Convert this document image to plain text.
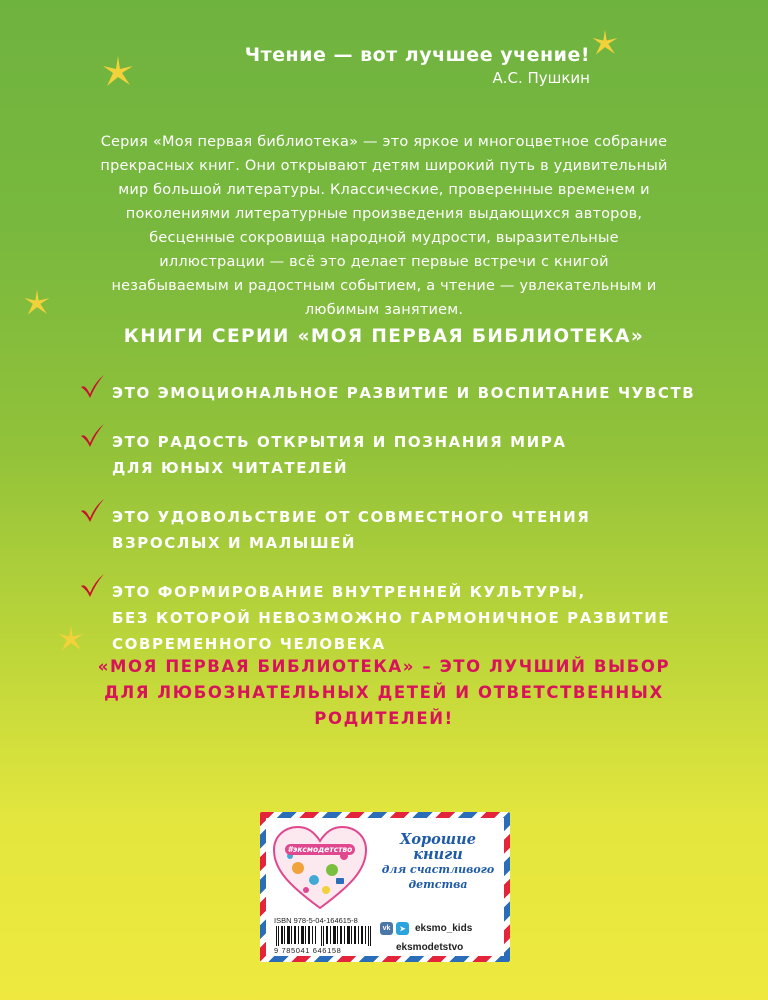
Чтение — вот лучшее учение!
А.С. Пушкин
Серия «Моя первая библиотека» — это яркое и многоцветное собрание прекрасных книг. Они открывают детям широкий путь в удивительный мир большой литературы. Классические, проверенные временем и поколениями литературные произведения выдающихся авторов, бесценные сокровища народной мудрости, выразительные иллюстрации — всё это делает первые встречи с книгой незабываемым и радостным событием, а чтение — увлекательным и любимым занятием.
КНИГИ СЕРИИ «МОЯ ПЕРВАЯ БИБЛИОТЕКА»
ЭТО ЭМОЦИОНАЛЬНОЕ РАЗВИТИЕ И ВОСПИТАНИЕ ЧУВСТВ
ЭТО РАДОСТЬ ОТКРЫТИЯ И ПОЗНАНИЯ МИРА
ДЛЯ ЮНЫХ ЧИТАТЕЛЕЙ
ЭТО УДОВОЛЬСТВИЕ ОТ СОВМЕСТНОГО ЧТЕНИЯ
ВЗРОСЛЫХ И МАЛЫШЕЙ
ЭТО ФОРМИРОВАНИЕ ВНУТРЕННЕЙ КУЛЬТУРЫ,
БЕЗ КОТОРОЙ НЕВОЗМОЖНО ГАРМОНИЧНОЕ РАЗВИТИЕ
СОВРЕМЕННОГО ЧЕЛОВЕКА
«МОЯ ПЕРВАЯ БИБЛИОТЕКА» – ЭТО ЛУЧШИЙ ВЫБОР ДЛЯ ЛЮБОЗНАТЕЛЬНЫХ ДЕТЕЙ И ОТВЕТСТВЕННЫХ РОДИТЕЛЕЙ!
#эксмодетство
Хорошие
книги
для счастливого
детства
ISBN 978-5-04-164615-8
9 785041 646158
vk	➤ eksmo_kids
eksmodetstvo
